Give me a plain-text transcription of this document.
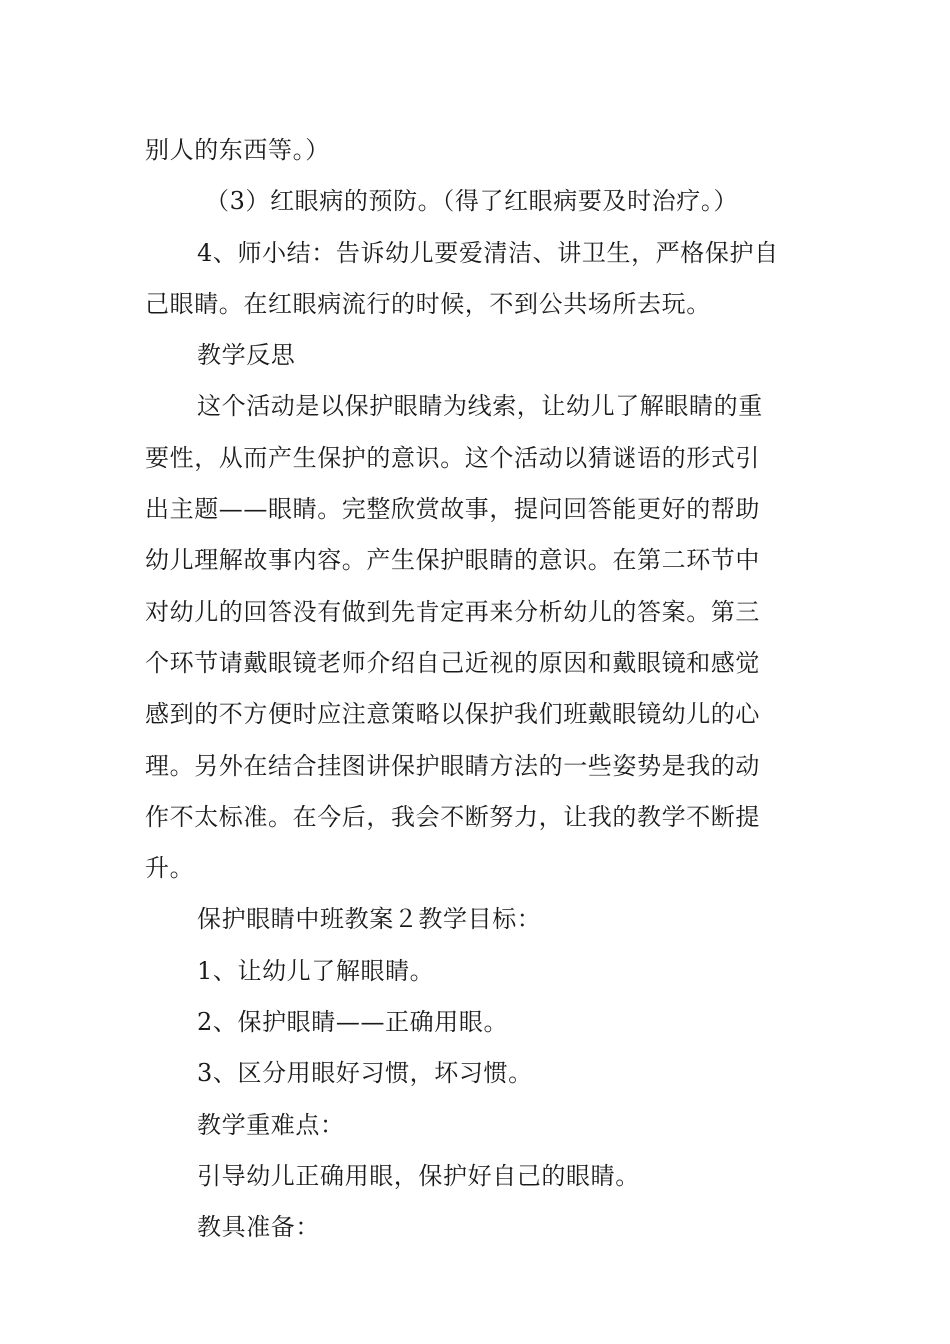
别人的东西等。）
（3）红眼病的预防。（得了红眼病要及时治疗。）
4、师小结：告诉幼儿要爱清洁、讲卫生，严格保护自
己眼睛。在红眼病流行的时候，不到公共场所去玩。
教学反思
这个活动是以保护眼睛为线索，让幼儿了解眼睛的重
要性，从而产生保护的意识。这个活动以猜谜语的形式引
出主题——眼睛。完整欣赏故事，提问回答能更好的帮助
幼儿理解故事内容。产生保护眼睛的意识。在第二环节中
对幼儿的回答没有做到先肯定再来分析幼儿的答案。第三
个环节请戴眼镜老师介绍自己近视的原因和戴眼镜和感觉
感到的不方便时应注意策略以保护我们班戴眼镜幼儿的心
理。另外在结合挂图讲保护眼睛方法的一些姿势是我的动
作不太标准。在今后，我会不断努力，让我的教学不断提
升。
保护眼睛中班教案２教学目标：
1、让幼儿了解眼睛。
2、保护眼睛——正确用眼。
3、区分用眼好习惯，坏习惯。
教学重难点：
引导幼儿正确用眼，保护好自己的眼睛。
教具准备：
